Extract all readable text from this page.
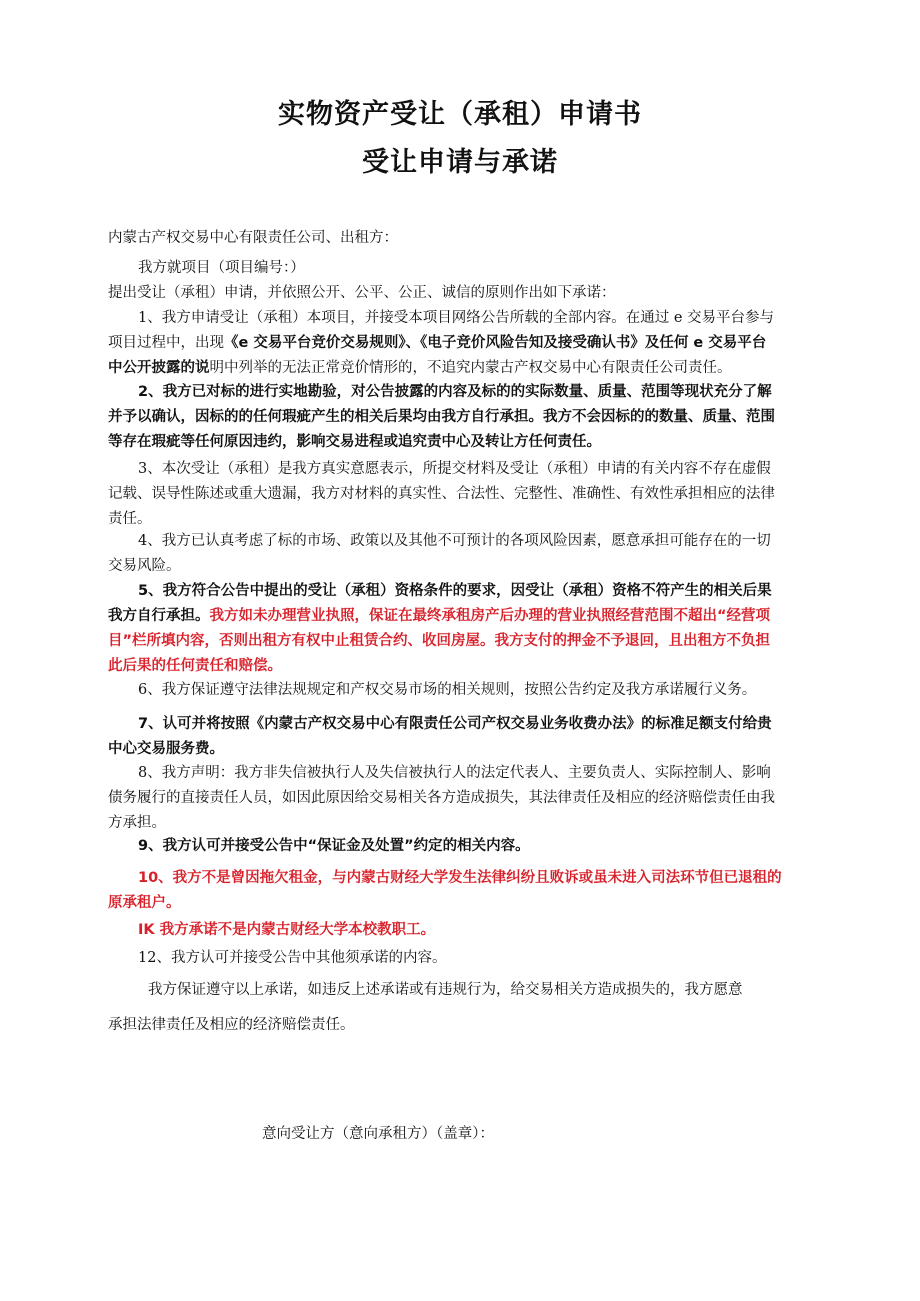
实物资产受让（承租）申请书
受让申请与承诺
内蒙古产权交易中心有限责任公司、出租方：
我方就项目（项目编号：）
提出受让（承租）申请，并依照公开、公平、公正、诚信的原则作出如下承诺：
1、我方申请受让（承租）本项目，并接受本项目网络公告所载的全部内容。在通过 e 交易平台参与
项目过程中，出现《e 交易平台竞价交易规则》、《电子竞价风险告知及接受确认书》及任何 e 交易平台
中公开披露的说明中列举的无法正常竞价情形的，不追究内蒙古产权交易中心有限责任公司责任。
2、我方已对标的进行实地勘验，对公告披露的内容及标的的实际数量、质量、范围等现状充分了解
并予以确认，因标的的任何瑕疵产生的相关后果均由我方自行承担。我方不会因标的的数量、质量、范围
等存在瑕疵等任何原因违约，影响交易进程或追究责中心及转让方任何责任。
3、本次受让（承租）是我方真实意愿表示，所提交材料及受让（承租）申请的有关内容不存在虚假
记载、误导性陈述或重大遗漏，我方对材料的真实性、合法性、完整性、准确性、有效性承担相应的法律
责任。
4、我方已认真考虑了标的市场、政策以及其他不可预计的各项风险因素，愿意承担可能存在的一切
交易风险。
5、我方符合公告中提出的受让（承租）资格条件的要求，因受让（承租）资格不符产生的相关后果
我方自行承担。我方如未办理营业执照，保证在最终承租房产后办理的营业执照经营范围不超出“经营项
目”栏所填内容，否则出租方有权中止租赁合约、收回房屋。我方支付的押金不予退回，且出租方不负担
此后果的任何责任和赔偿。
6、我方保证遵守法律法规规定和产权交易市场的相关规则，按照公告约定及我方承诺履行义务。
7、认可并将按照《内蒙古产权交易中心有限责任公司产权交易业务收费办法》的标准足额支付给贵
中心交易服务费。
8、我方声明：我方非失信被执行人及失信被执行人的法定代表人、主要负责人、实际控制人、影响
债务履行的直接责任人员，如因此原因给交易相关各方造成损失，其法律责任及相应的经济赔偿责任由我
方承担。
9、我方认可并接受公告中“保证金及处置”约定的相关内容。
10、我方不是曾因拖欠租金，与内蒙古财经大学发生法律纠纷且败诉或虽未进入司法环节但已退租的
原承租户。
IK 我方承诺不是内蒙古财经大学本校教职工。
12、我方认可并接受公告中其他须承诺的内容。
我方保证遵守以上承诺，如违反上述承诺或有违规行为，给交易相关方造成损失的，我方愿意
承担法律责任及相应的经济赔偿责任。
意向受让方（意向承租方）（盖章）：
